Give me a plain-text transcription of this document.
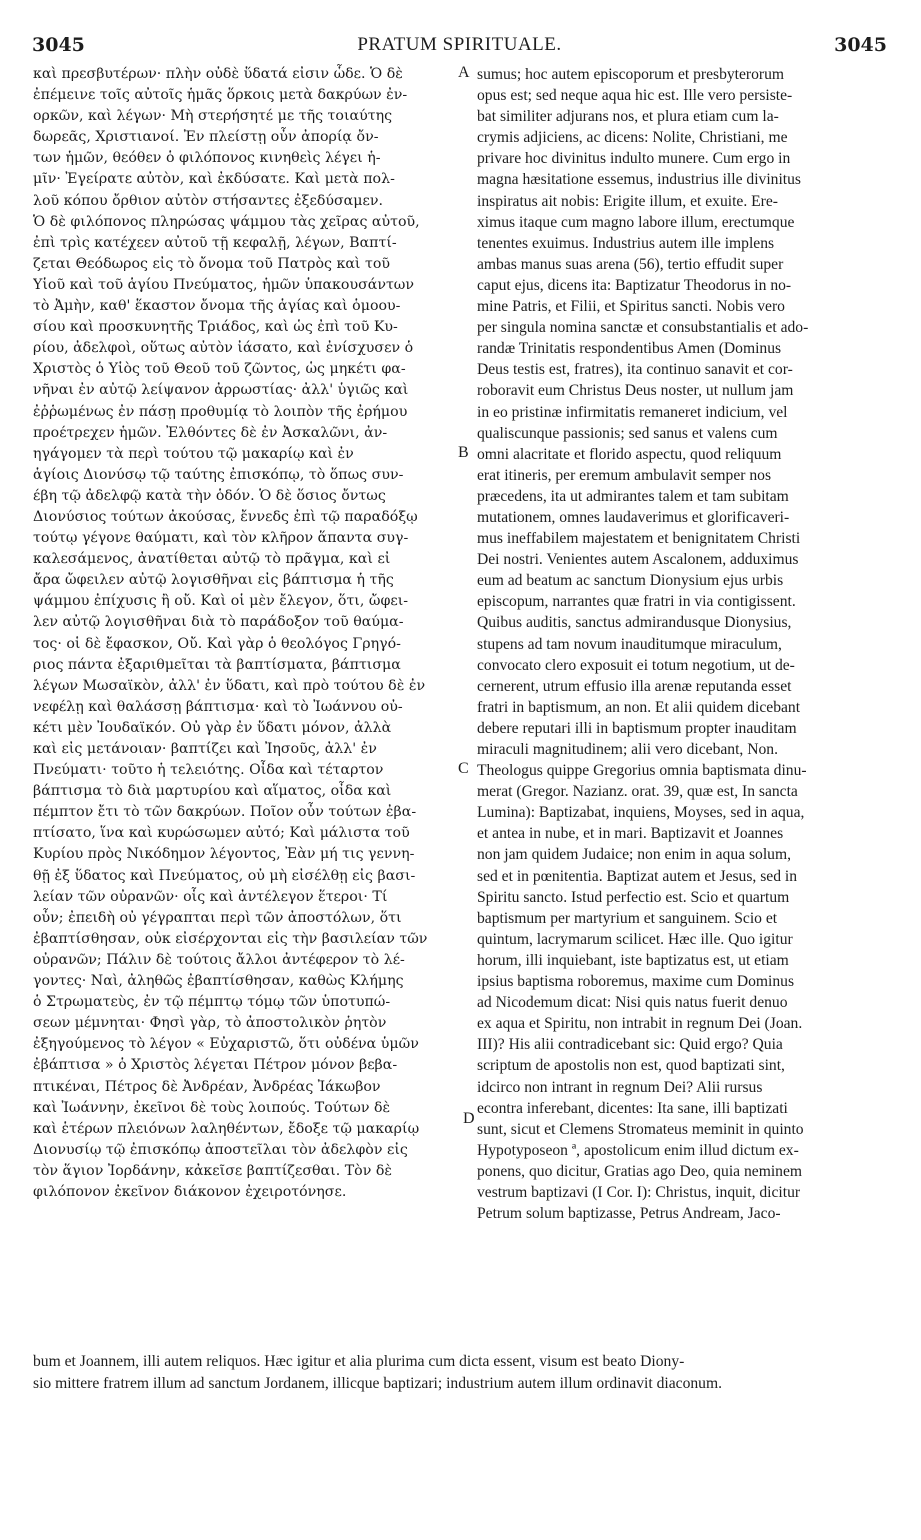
3045	PRATUM SPIRITUALE.	3045
καὶ πρεσβυτέρων· πλὴν οὐδὲ ὕδατά εἰσιν ὧδε. Ὁ δὲ
ἐπέμεινε τοῖς αὐτοῖς ἡμᾶς ὅρκοις μετὰ δακρύων ἐν-
ορκῶν, καὶ λέγων· Μὴ στερήσητέ με τῆς τοιαύτης
δωρεᾶς, Χριστιανοί. Ἐν πλείστῃ οὖν ἀπορίᾳ ὄν-
των ἡμῶν, θεόθεν ὁ φιλόπονος κινηθεὶς λέγει ἡ-
μῖν· Ἐγείρατε αὐτὸν, καὶ ἐκδύσατε. Καὶ μετὰ πολ-
λοῦ κόπου ὄρθιον αὐτὸν στήσαντες ἐξεδύσαμεν.
Ὁ δὲ φιλόπονος πληρώσας ψάμμου τὰς χεῖρας αὐτοῦ,
ἐπὶ τρὶς κατέχεεν αὐτοῦ τῇ κεφαλῇ, λέγων, Βαπτί-
ζεται Θεόδωρος εἰς τὸ ὄνομα τοῦ Πατρὸς καὶ τοῦ
Υἱοῦ καὶ τοῦ ἁγίου Πνεύματος, ἡμῶν ὑπακουσάντων
τὸ Ἀμὴν, καθ' ἕκαστον ὄνομα τῆς ἁγίας καὶ ὁμοου-
σίου καὶ προσκυνητῆς Τριάδος, καὶ ὡς ἐπὶ τοῦ Κυ-
ρίου, ἀδελφοὶ, οὕτως αὐτὸν ἰάσατο, καὶ ἐνίσχυσεν ὁ
Χριστὸς ὁ Υἱὸς τοῦ Θεοῦ τοῦ ζῶντος, ὡς μηκέτι φα-
νῆναι ἐν αὐτῷ λείψανον ἀρρωστίας· ἀλλ' ὑγιῶς καὶ
ἐῤῥωμένως ἐν πάσῃ προθυμίᾳ τὸ λοιπὸν τῆς ἐρήμου
προέτρεχεν ἡμῶν. Ἐλθόντες δὲ ἐν Ἀσκαλῶνι, ἀν-
ηγάγομεν τὰ περὶ τούτου τῷ μακαρίῳ καὶ ἐν
ἁγίοις Διονύσῳ τῷ ταύτης ἐπισκόπῳ, τὸ ὅπως συν-
έβη τῷ ἀδελφῷ κατὰ τὴν ὁδόν. Ὁ δὲ ὅσιος ὄντως
Διονύσιος τούτων ἀκούσας, ἔννεδς ἐπὶ τῷ παραδόξῳ
τούτῳ γέγονε θαύματι, καὶ τὸν κλῆρον ἅπαντα συγ-
καλεσάμενος, ἀνατίθεται αὐτῷ τὸ πρᾶγμα, καὶ εἰ
ἄρα ὤφειλεν αὐτῷ λογισθῆναι εἰς βάπτισμα ἡ τῆς
ψάμμου ἐπίχυσις ἢ οὔ. Καὶ οἱ μὲν ἔλεγον, ὅτι, ὤφει-
λεν αὐτῷ λογισθῆναι διὰ τὸ παράδοξον τοῦ θαύμα-
τος· οἱ δὲ ἔφασκον, Οὔ. Καὶ γὰρ ὁ θεολόγος Γρηγό-
ριος πάντα ἐξαριθμεῖται τὰ βαπτίσματα, βάπτισμα
λέγων Μωσαϊκὸν, ἀλλ' ἐν ὕδατι, καὶ πρὸ τούτου δὲ ἐν
νεφέλῃ καὶ θαλάσσῃ βάπτισμα· καὶ τὸ Ἰωάννου οὐ-
κέτι μὲν Ἰουδαϊκόν. Οὐ γὰρ ἐν ὕδατι μόνον, ἀλλὰ
καὶ εἰς μετάνοιαν· βαπτίζει καὶ Ἰησοῦς, ἀλλ' ἐν
Πνεύματι· τοῦτο ἡ τελειότης. Οἶδα καὶ τέταρτον
βάπτισμα τὸ διὰ μαρτυρίου καὶ αἵματος, οἶδα καὶ
πέμπτον ἔτι τὸ τῶν δακρύων. Ποῖον οὖν τούτων ἐβα-
πτίσατο, ἵνα καὶ κυρώσωμεν αὐτό; Καὶ μάλιστα τοῦ
Κυρίου πρὸς Νικόδημον λέγοντος, Ἐὰν μή τις γεννη-
θῇ ἐξ ὕδατος καὶ Πνεύματος, οὐ μὴ εἰσέλθῃ εἰς βασι-
λείαν τῶν οὐρανῶν· οἷς καὶ ἀντέλεγον ἕτεροι· Τί
οὖν; ἐπειδὴ οὐ γέγραπται περὶ τῶν ἀποστόλων, ὅτι
ἐβαπτίσθησαν, οὐκ εἰσέρχονται εἰς τὴν βασιλείαν τῶν
οὐρανῶν; Πάλιν δὲ τούτοις ἄλλοι ἀντέφερον τὸ λέ-
γοντες· Ναὶ, ἀληθῶς ἐβαπτίσθησαν, καθὼς Κλήμης
ὁ Στρωματεὺς, ἐν τῷ πέμπτῳ τόμῳ τῶν ὑποτυπώ-
σεων μέμνηται· Φησὶ γὰρ, τὸ ἀποστολικὸν ῥητὸν
ἐξηγούμενος τὸ λέγον « Εὐχαριστῶ, ὅτι οὐδένα ὑμῶν
ἐβάπτισα » ὁ Χριστὸς λέγεται Πέτρον μόνον βεβα-
πτικέναι, Πέτρος δὲ Ἀνδρέαν, Ἀνδρέας Ἰάκωβον
καὶ Ἰωάννην, ἐκεῖνοι δὲ τοὺς λοιπούς. Τούτων δὲ
καὶ ἑτέρων πλειόνων λαληθέντων, ἔδοξε τῷ μακαρίῳ
Διονυσίῳ τῷ ἐπισκόπῳ ἀποστεῖλαι τὸν ἀδελφὸν εἰς
τὸν ἅγιον Ἰορδάνην, κἀκεῖσε βαπτίζεσθαι. Τὸν δὲ
φιλόπονον ἐκεῖνον διάκονον ἐχειροτόνησε.
A
B
C
D
sumus; hoc autem episcoporum et presbyterorum
opus est; sed neque aqua hic est. Ille vero persiste-
bat similiter adjurans nos, et plura etiam cum la-
crymis adjiciens, ac dicens: Nolite, Christiani, me
privare hoc divinitus indulto munere. Cum ergo in
magna hæsitatione essemus, industrius ille divinitus
inspiratus ait nobis: Erigite illum, et exuite. Ere-
ximus itaque cum magno labore illum, erectumque
tenentes exuimus. Industrius autem ille implens
ambas manus suas arena (56), tertio effudit super
caput ejus, dicens ita: Baptizatur Theodorus in no-
mine Patris, et Filii, et Spiritus sancti. Nobis vero
per singula nomina sanctæ et consubstantialis et ado-
randæ Trinitatis respondentibus Amen (Dominus
Deus testis est, fratres), ita continuo sanavit et cor-
roboravit eum Christus Deus noster, ut nullum jam
in eo pristinæ infirmitatis remaneret indicium, vel
qualiscunque passionis; sed sanus et valens cum
omni alacritate et florido aspectu, quod reliquum
erat itineris, per eremum ambulavit semper nos
præcedens, ita ut admirantes talem et tam subitam
mutationem, omnes laudaverimus et glorificaveri-
mus ineffabilem majestatem et benignitatem Christi
Dei nostri. Venientes autem Ascalonem, adduximus
eum ad beatum ac sanctum Dionysium ejus urbis
episcopum, narrantes quæ fratri in via contigissent.
Quibus auditis, sanctus admirandusque Dionysius,
stupens ad tam novum inauditumque miraculum,
convocato clero exposuit ei totum negotium, ut de-
cernerent, utrum effusio illa arenæ reputanda esset
fratri in baptismum, an non. Et alii quidem dicebant
debere reputari illi in baptismum propter inauditam
miraculi magnitudinem; alii vero dicebant, Non.
Theologus quippe Gregorius omnia baptismata dinu-
merat (Gregor. Nazianz. orat. 39, quæ est, In sancta
Lumina): Baptizabat, inquiens, Moyses, sed in aqua,
et antea in nube, et in mari. Baptizavit et Joannes
non jam quidem Judaice; non enim in aqua solum,
sed et in pœnitentia. Baptizat autem et Jesus, sed in
Spiritu sancto. Istud perfectio est. Scio et quartum
baptismum per martyrium et sanguinem. Scio et
quintum, lacrymarum scilicet. Hæc ille. Quo igitur
horum, illi inquiebant, iste baptizatus est, ut etiam
ipsius baptisma roboremus, maxime cum Dominus
ad Nicodemum dicat: Nisi quis natus fuerit denuo
ex aqua et Spiritu, non intrabit in regnum Dei (Joan.
III)? His alii contradicebant sic: Quid ergo? Quia
scriptum de apostolis non est, quod baptizati sint,
idcirco non intrant in regnum Dei? Alii rursus
econtra inferebant, dicentes: Ita sane, illi baptizati
sunt, sicut et Clemens Stromateus meminit in quinto
Hypotyposeon ª, apostolicum enim illud dictum ex-
ponens, quo dicitur, Gratias ago Deo, quia neminem
vestrum baptizavi (I Cor. I): Christus, inquit, dicitur
Petrum solum baptizasse, Petrus Andream, Jaco-
bum et Joannem, illi autem reliquos. Hæc igitur et alia plurima cum dicta essent, visum est beato Diony-
sio mittere fratrem illum ad sanctum Jordanem, illicque baptizari; industrium autem illum ordinavit diaconum.
